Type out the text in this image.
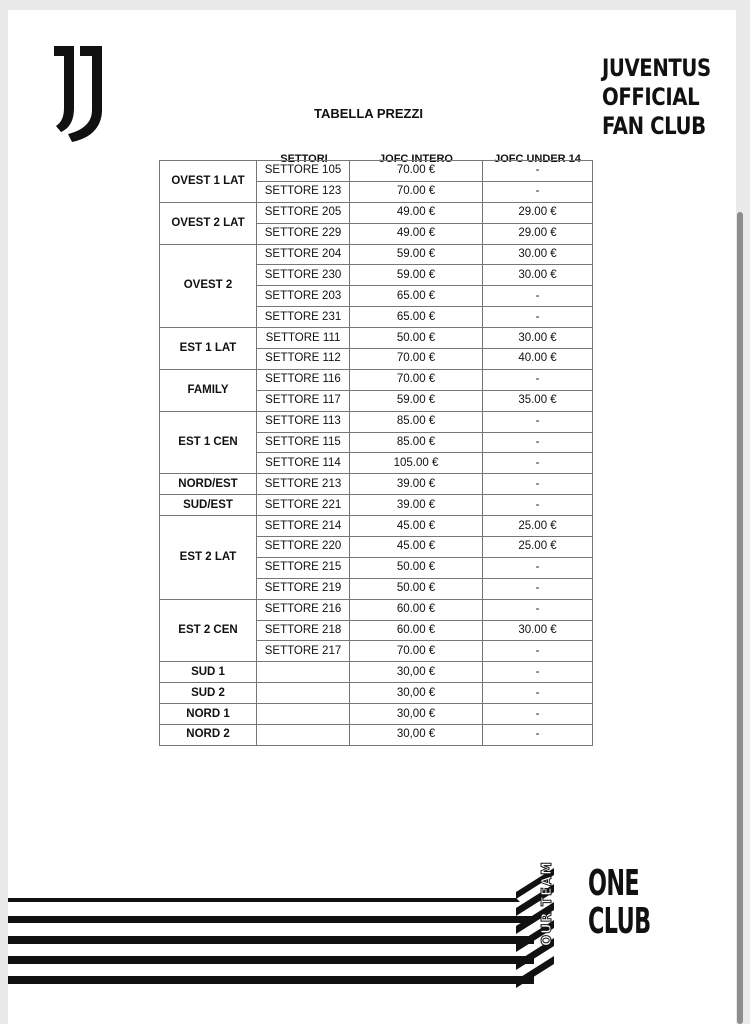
JUVENTUS
OFFICIAL
FAN CLUB
TABELLA PREZZI
SETTORI	JOFC INTERO	JOFC UNDER 14
OVEST 1 LAT	SETTORE 105	70.00 €	-
	SETTORE 123	70.00 €	-
OVEST 2 LAT	SETTORE 205	49.00 €	29.00 €
	SETTORE 229	49.00 €	29.00 €
OVEST 2	SETTORE 204	59.00 €	30.00 €
	SETTORE 230	59.00 €	30.00 €
	SETTORE 203	65.00 €	-
	SETTORE 231	65.00 €	-
EST 1 LAT	SETTORE 111	50.00 €	30.00 €
	SETTORE 112	70.00 €	40.00 €
FAMILY	SETTORE 116	70.00 €	-
	SETTORE 117	59.00 €	35.00 €
EST 1 CEN	SETTORE 113	85.00 €	-
	SETTORE 115	85.00 €	-
	SETTORE 114	105.00 €	-
NORD/EST	SETTORE 213	39.00 €	-
SUD/EST	SETTORE 221	39.00 €	-
EST 2 LAT	SETTORE 214	45.00 €	25.00 €
	SETTORE 220	45.00 €	25.00 €
	SETTORE 215	50.00 €	-
	SETTORE 219	50.00 €	-
EST 2 CEN	SETTORE 216	60.00 €	-
	SETTORE 218	60.00 €	30.00 €
	SETTORE 217	70.00 €	-
SUD 1		30,00 €	-
SUD 2		30,00 €	-
NORD 1		30,00 €	-
NORD 2		30,00 €	-
OUR TEAM ONE
CLUB
